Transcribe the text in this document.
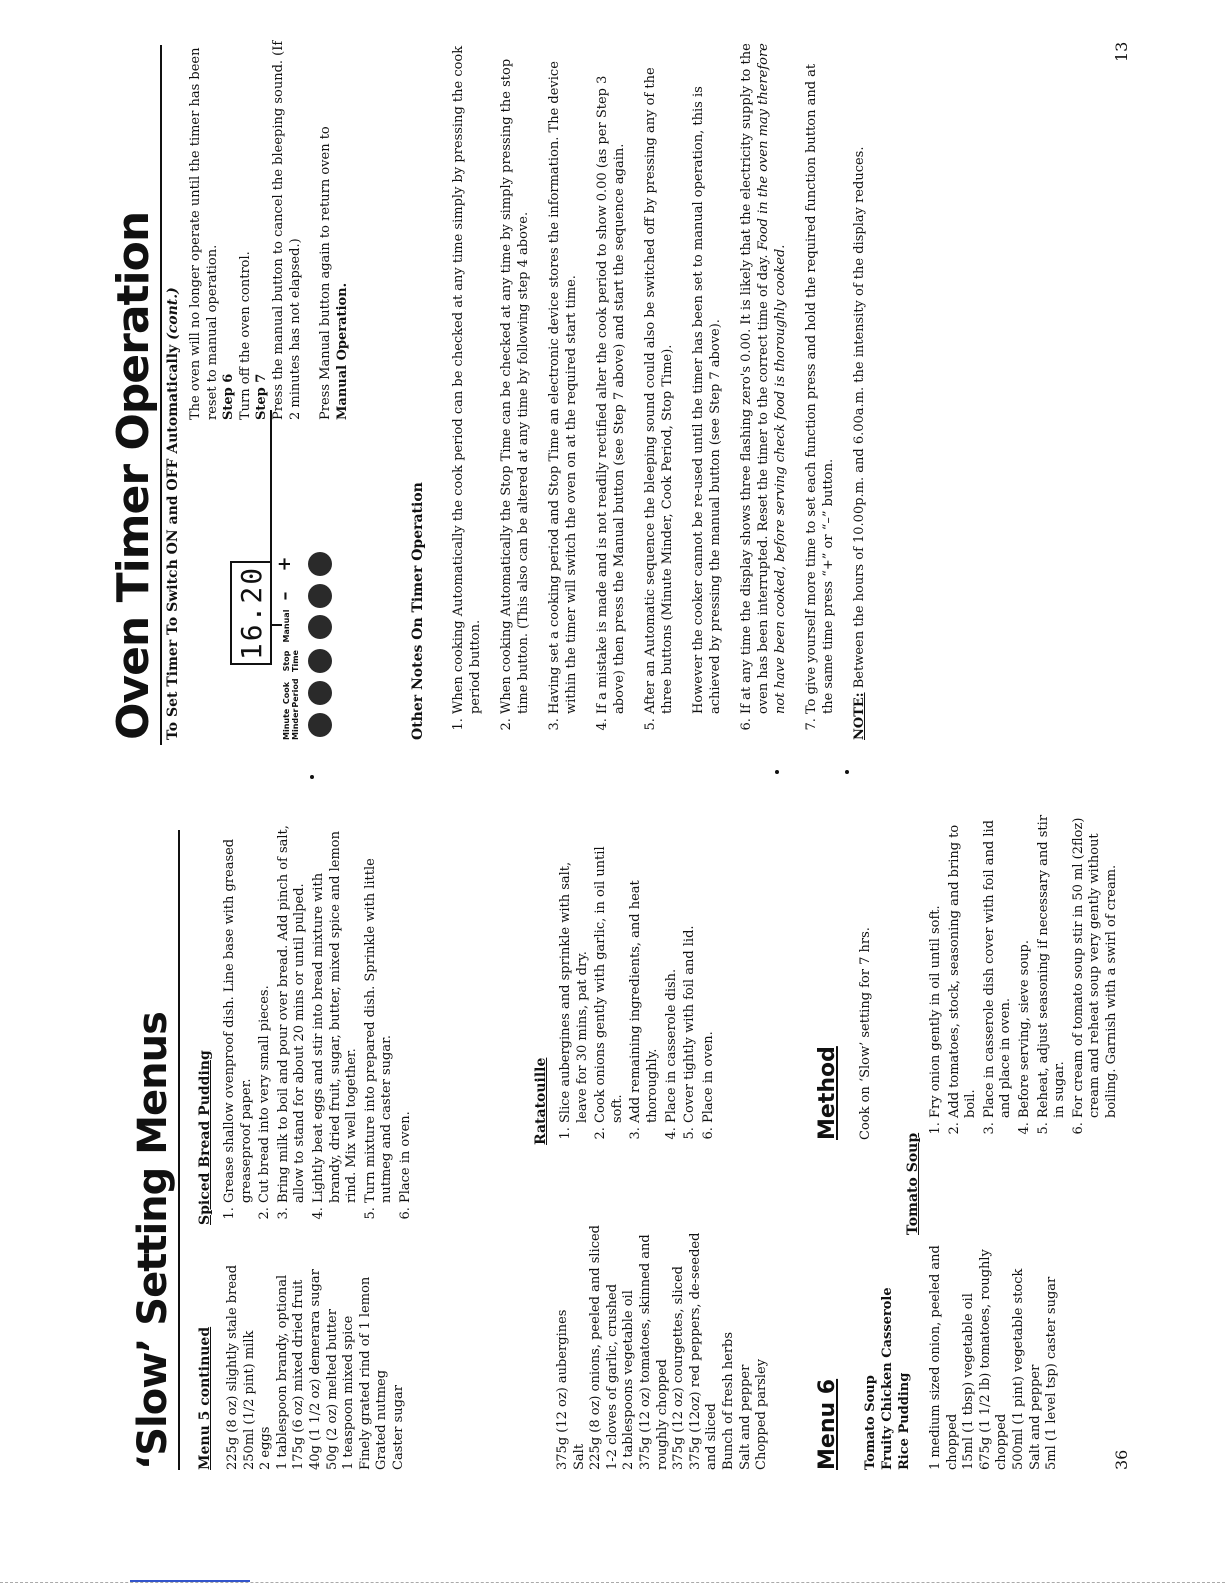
‘Slow’ Setting Menus Menu 5 continued 225g (8 oz) slightly stale bread 250ml (1/2 pint) milk 2 eggs 1 tablespoon brandy, optional 175g (6 oz) mixed dried fruit 40g (1 1/2 oz) demerara sugar 50g (2 oz) melted butter 1 teaspoon mixed spice Finely grated rind of 1 lemon Grated nutmeg Caster sugar
Spiced Bread Pudding 1. Grease shallow ovenproof dish. Line base with greased greaseproof paper. 2. Cut bread into very small pieces. 3. Bring milk to boil and pour over bread. Add pinch of salt, allow to stand for about 20 mins or until pulped. 4. Lightly beat eggs and stir into bread mixture with brandy, dried fruit, sugar, butter, mixed spice and lemon rind. Mix well together. 5. Turn mixture into prepared dish. Sprinkle with little nutmeg and caster sugar. 6. Place in oven.
375g (12 oz) aubergines Salt 225g (8 oz) onions, peeled and sliced 1-2 cloves of garlic, crushed 2 tablespoons vegetable oil 375g (12 oz) tomatoes, skinned and roughly chopped 375g (12 oz) courgettes, sliced 375g (12oz) red peppers, de-seeded and sliced Bunch of fresh herbs Salt and pepper Chopped parsley
Ratatouille 1. Slice aubergines and sprinkle with salt, leave for 30 mins, pat dry. 2. Cook onions gently with garlic, in oil until soft. 3. Add remaining ingredients, and heat thoroughly. 4. Place in casserole dish. 5. Cover tightly with foil and lid. 6. Place in oven.
Menu 6 Tomato Soup Fruity Chicken Casserole Rice Pudding
Method Cook on ‘Slow’ setting for 7 hrs.
1 medium sized onion, peeled and chopped 15ml (1 tbsp) vegetable oil 675g (1 1/2 lb) tomatoes, roughly chopped 500ml (1 pint) vegetable stock Salt and pepper 5ml (1 level tsp) caster sugar
Tomato Soup
1. Fry onion gently in oil until soft. 2. Add tomatoes, stock, seasoning and bring to boil. 3. Place in casserole dish cover with foil and lid and place in oven. 4. Before serving, sieve soup. 5. Reheat, adjust seasoning if necessary and stir in sugar. 6. For cream of tomato soup stir in 50 ml (2floz) cream and reheat soup very gently without boiling. Garnish with a swirl of cream.
36
Oven Timer Operation To Set Timer To Switch ON and OFF Automatically (cont.)
16.20
Minute Minder
Cook Period
Stop Time
Manual
–
+
The oven will no longer operate until the timer has been reset to manual operation. Step 6 Turn off the oven control. Step 7 Press the manual button to cancel the bleeping sound. (If 2 minutes has not elapsed.) Press Manual button again to return oven to Manual Operation.
Other Notes On Timer Operation 1. When cooking Automatically the cook period can be checked at any time simply by pressing the cook period button. 2. When cooking Automatically the Stop Time can be checked at any time by simply pressing the stop time button. (This also can be altered at any time by following step 4 above. 3. Having set a cooking period and Stop Time an electronic device stores the information. The device within the timer will switch the oven on at the required start time. 4. If a mistake is made and is not readily rectified alter the cook period to show 0.00 (as per Step 3 above) then press the Manual button (see Step 7 above) and start the sequence again. 5. After an Automatic sequence the bleeping sound could also be switched off by pressing any of the three buttons (Minute Minder, Cook Period, Stop Time). However the cooker cannot be re-used until the timer has been set to manual operation, this is achieved by pressing the manual button (see Step 7 above). 6. If at any time the display shows three flashing zero's 0.00. It is likely that the electricity supply to the oven has been interrupted. Reset the timer to the correct time of day. Food in the oven may therefore not have been cooked, before serving check food is thoroughly cooked. 7. To give yourself more time to set each function press and hold the required function button and at the same time press “+” or “–” button.
NOTE: Between the hours of 10.00p.m. and 6.00a.m. the intensity of the display reduces.
13
